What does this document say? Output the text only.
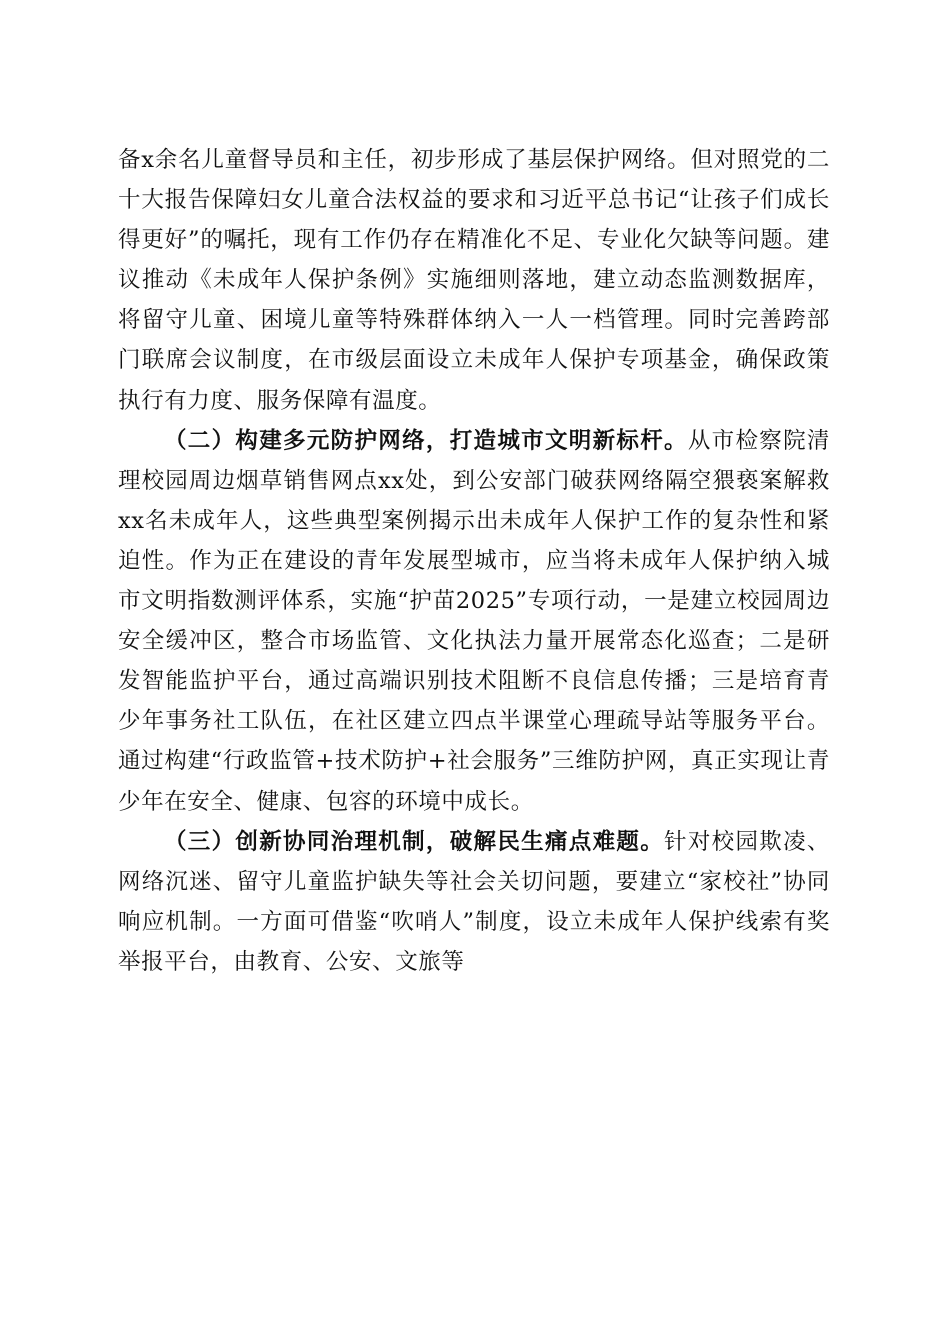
备x余名儿童督导员和主任，初步形成了基层保护网络。但对照党的二十大报告保障妇女儿童合法权益的要求和习近平总书记“让孩子们成长得更好”的嘱托，现有工作仍存在精准化不足、专业化欠缺等问题。建议推动《未成年人保护条例》实施细则落地，建立动态监测数据库，将留守儿童、困境儿童等特殊群体纳入一人一档管理。同时完善跨部门联席会议制度，在市级层面设立未成年人保护专项基金，确保政策执行有力度、服务保障有温度。

（二）构建多元防护网络，打造城市文明新标杆。从市检察院清理校园周边烟草销售网点xx处，到公安部门破获网络隔空猥亵案解救xx名未成年人，这些典型案例揭示出未成年人保护工作的复杂性和紧迫性。作为正在建设的青年发展型城市，应当将未成年人保护纳入城市文明指数测评体系，实施“护苗2025”专项行动，一是建立校园周边安全缓冲区，整合市场监管、文化执法力量开展常态化巡查；二是研发智能监护平台，通过高端识别技术阻断不良信息传播；三是培育青少年事务社工队伍，在社区建立四点半课堂心理疏导站等服务平台。通过构建“行政监管+技术防护+社会服务”三维防护网，真正实现让青少年在安全、健康、包容的环境中成长。

（三）创新协同治理机制，破解民生痛点难题。针对校园欺凌、网络沉迷、留守儿童监护缺失等社会关切问题，要建立“家校社”协同响应机制。一方面可借鉴“吹哨人”制度，设立未成年人保护线索有奖举报平台，由教育、公安、文旅等
